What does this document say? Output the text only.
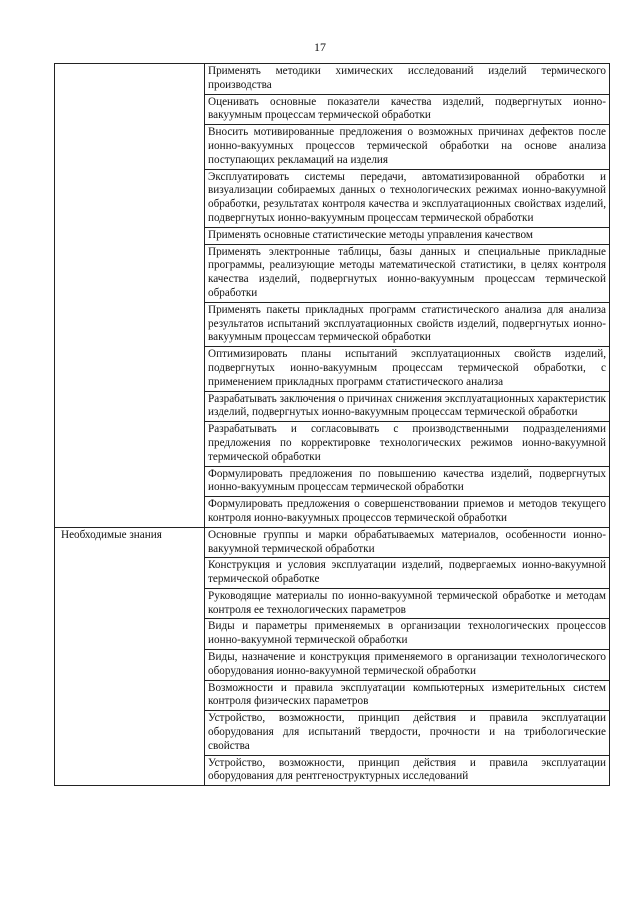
17
	Применять методики химических исследований изделий термического производства
	Оценивать основные показатели качества изделий, подвергнутых ионно-вакуумным процессам термической обработки
	Вносить мотивированные предложения о возможных причинах дефектов после ионно-вакуумных процессов термической обработки на основе анализа поступающих рекламаций на изделия
	Эксплуатировать системы передачи, автоматизированной обработки и визуализации собираемых данных о технологических режимах ионно-вакуумной обработки, результатах контроля качества и эксплуатационных свойствах изделий, подвергнутых ионно-вакуумным процессам термической обработки
	Применять основные статистические методы управления качеством
	Применять электронные таблицы, базы данных и специальные прикладные программы, реализующие методы математической статистики, в целях контроля качества изделий, подвергнутых ионно-вакуумным процессам термической обработки
	Применять пакеты прикладных программ статистического анализа для анализа результатов испытаний эксплуатационных свойств изделий, подвергнутых ионно-вакуумным процессам термической обработки
	Оптимизировать планы испытаний эксплуатационных свойств изделий, подвергнутых ионно-вакуумным процессам термической обработки, с применением прикладных программ статистического анализа
	Разрабатывать заключения о причинах снижения эксплуатационных характеристик изделий, подвергнутых ионно-вакуумным процессам термической обработки
	Разрабатывать и согласовывать с производственными подразделениями предложения по корректировке технологических режимов ионно-вакуумной термической обработки
	Формулировать предложения по повышению качества изделий, подвергнутых ионно-вакуумным процессам термической обработки
	Формулировать предложения о совершенствовании приемов и методов текущего контроля ионно-вакуумных процессов термической обработки
Необходимые знания	Основные группы и марки обрабатываемых материалов, особенности ионно-вакуумной термической обработки
	Конструкция и условия эксплуатации изделий, подвергаемых ионно-вакуумной термической обработке
	Руководящие материалы по ионно-вакуумной термической обработке и методам контроля ее технологических параметров
	Виды и параметры применяемых в организации технологических процессов ионно-вакуумной термической обработки
	Виды, назначение и конструкция применяемого в организации технологического оборудования ионно-вакуумной термической обработки
	Возможности и правила эксплуатации компьютерных измерительных систем контроля физических параметров
	Устройство, возможности, принцип действия и правила эксплуатации оборудования для испытаний твердости, прочности и на трибологические свойства
	Устройство, возможности, принцип действия и правила эксплуатации оборудования для рентгеноструктурных исследований
